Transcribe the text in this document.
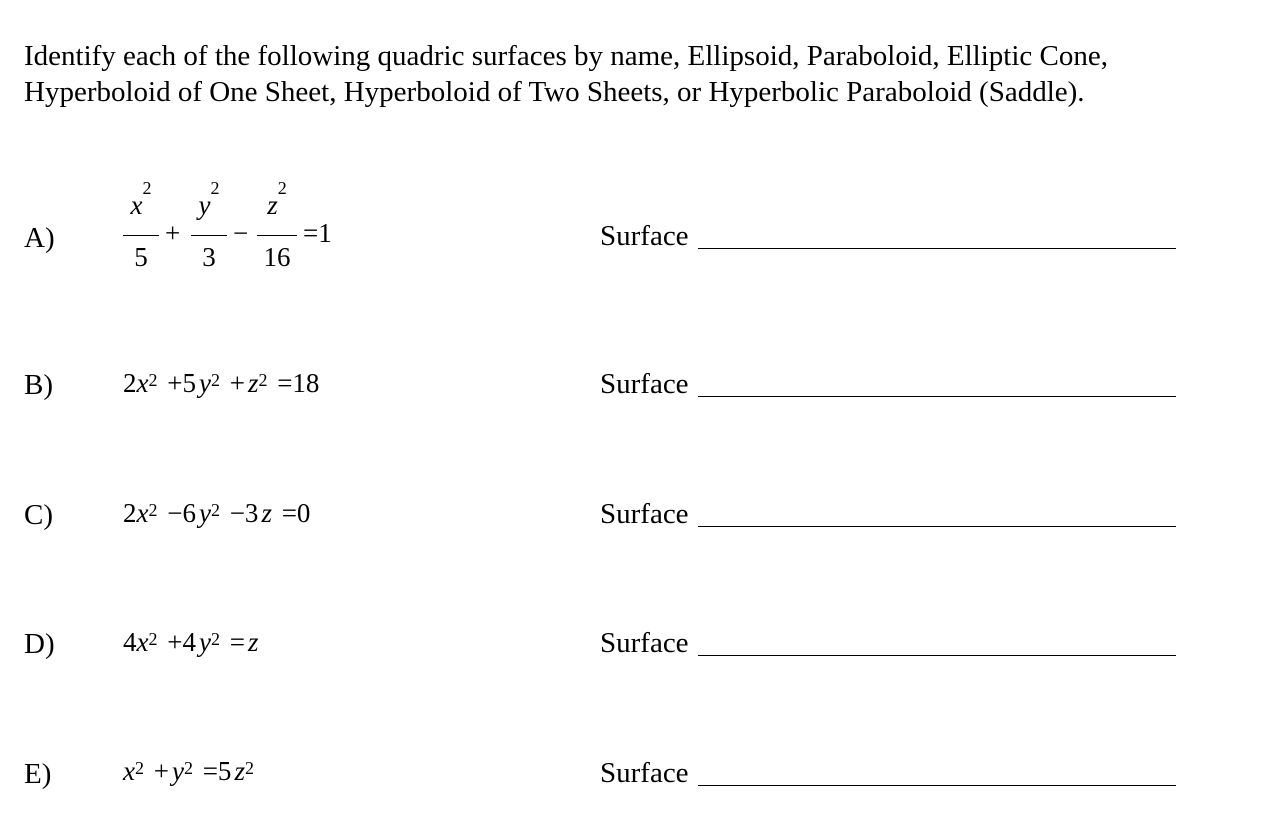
Identify each of the following quadric surfaces by name, Ellipsoid, Paraboloid, Elliptic Cone, Hyperboloid of One Sheet, Hyperboloid of Two Sheets, or Hyperbolic Paraboloid (Saddle).

A)
$x^2$
5
+
$y^2$
3
−
$z^2$
16
=1	Surface
B)	$2x^2 +5$ $y^2 + z^2 =18$	Surface
C)	$2x^2 -6$ $y^2 -3$ z =0	Surface
D)	$4x^2 +4$ $y^2 = z$	Surface
E)	$x^2 + y^2 =5$ $z^2$	Surface
